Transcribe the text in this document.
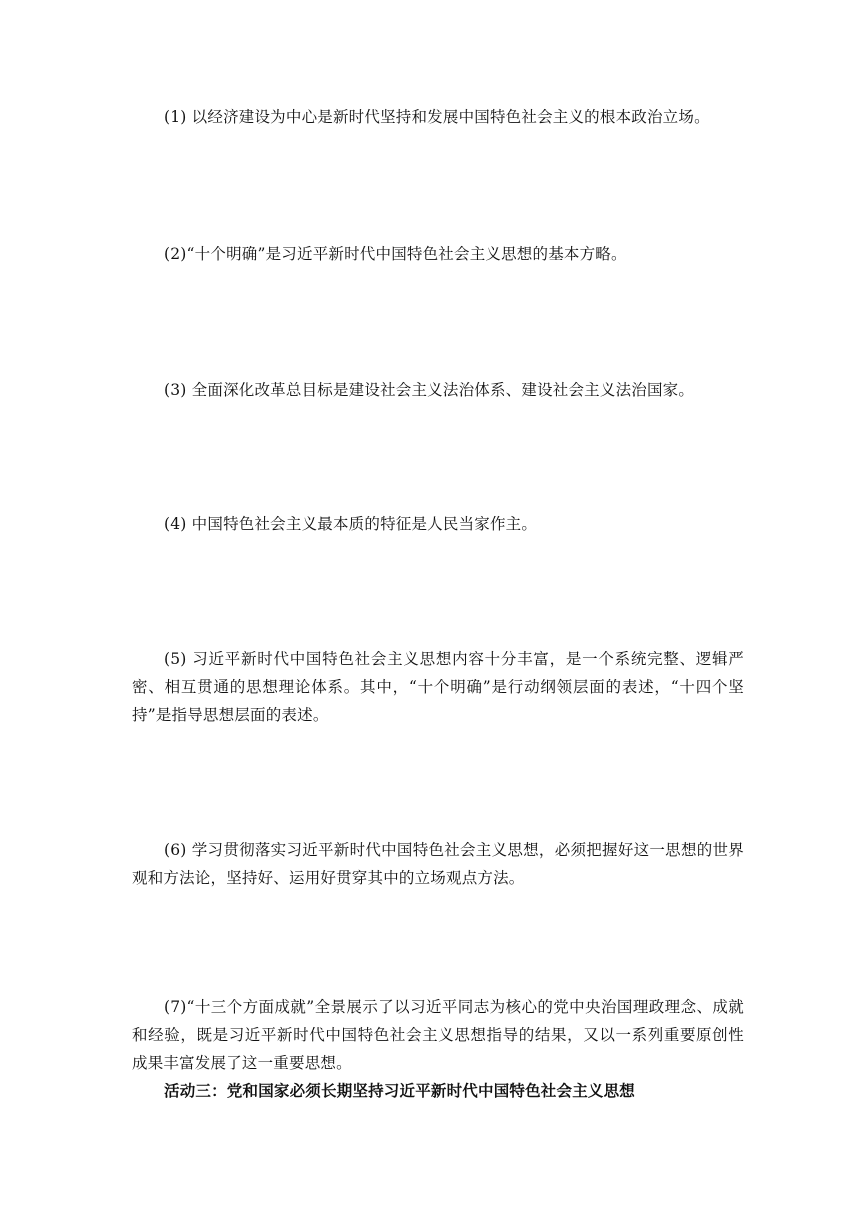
(1) 以经济建设为中心是新时代坚持和发展中国特色社会主义的根本政治立场。

(2)“十个明确”是习近平新时代中国特色社会主义思想的基本方略。

(3) 全面深化改革总目标是建设社会主义法治体系、建设社会主义法治国家。

(4) 中国特色社会主义最本质的特征是人民当家作主。

(5) 习近平新时代中国特色社会主义思想内容十分丰富，是一个系统完整、逻辑严密、相互贯通的思想理论体系。其中，“十个明确”是行动纲领层面的表述，“十四个坚持”是指导思想层面的表述。

(6) 学习贯彻落实习近平新时代中国特色社会主义思想，必须把握好这一思想的世界观和方法论，坚持好、运用好贯穿其中的立场观点方法。

(7)“十三个方面成就”全景展示了以习近平同志为核心的党中央治国理政理念、成就和经验，既是习近平新时代中国特色社会主义思想指导的结果，又以一系列重要原创性成果丰富发展了这一重要思想。

活动三：党和国家必须长期坚持习近平新时代中国特色社会主义思想
